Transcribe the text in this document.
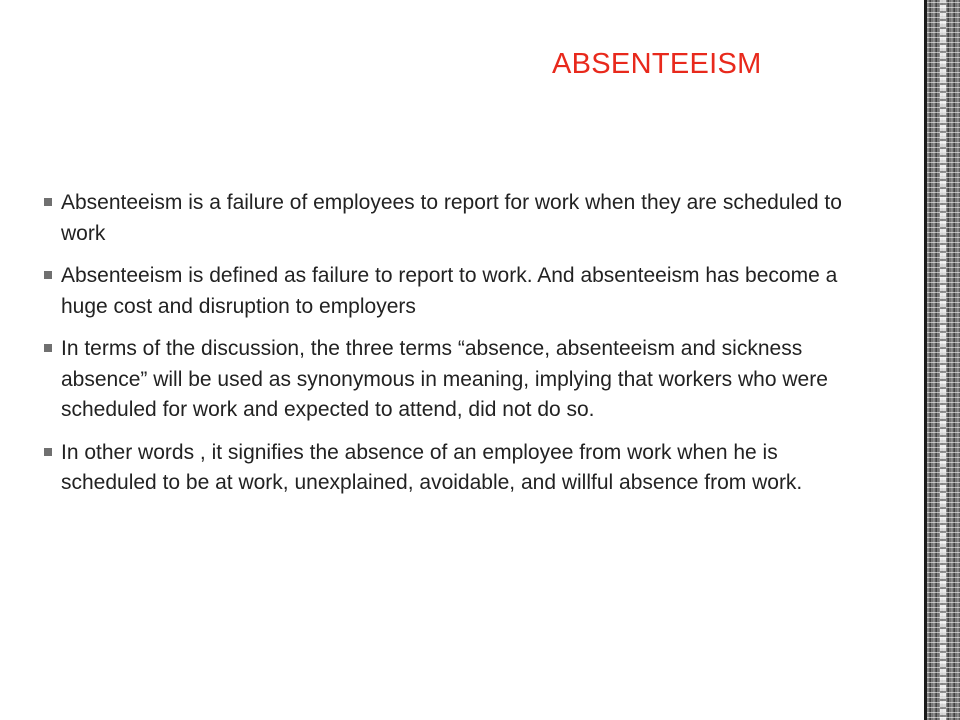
ABSENTEEISM
Absenteeism is a failure of employees to report for work when they are scheduled to work
Absenteeism is defined as failure to report to work. And absenteeism has become a huge cost and disruption to employers
In terms of the discussion, the three terms “absence, absenteeism and sickness absence” will be used as synonymous in meaning, implying that workers who were scheduled for work and expected to attend, did not do so.
In other words , it signifies the absence of an employee from work when he is scheduled to be at work, unexplained, avoidable, and willful absence from work.
